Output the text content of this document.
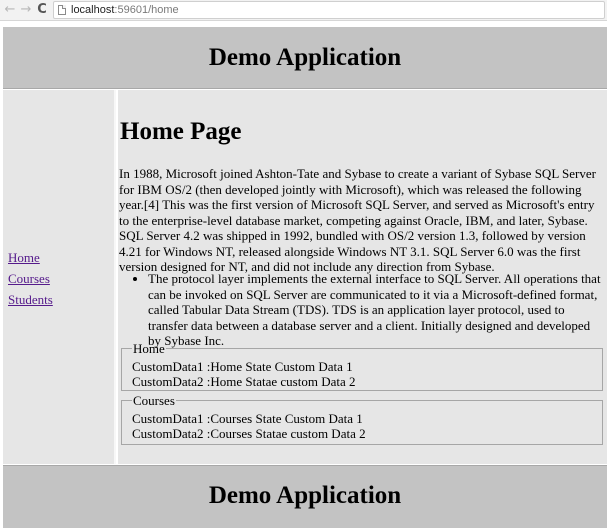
← → C localhost:59601/home
Demo Application
Home
Courses
Students
Home Page

In 1988, Microsoft joined Ashton-Tate and Sybase to create a variant of Sybase SQL Server for IBM OS/2 (then developed jointly with Microsoft), which was released the following year.[4] This was the first version of Microsoft SQL Server, and served as Microsoft's entry to the enterprise-level database market, competing against Oracle, IBM, and later, Sybase. SQL Server 4.2 was shipped in 1992, bundled with OS/2 version 1.3, followed by version 4.21 for Windows NT, released alongside Windows NT 3.1. SQL Server 6.0 was the first version designed for NT, and did not include any direction from Sybase.

• The protocol layer implements the external interface to SQL Server. All operations that can be invoked on SQL Server are communicated to it via a Microsoft-defined format, called Tabular Data Stream (TDS). TDS is an application layer protocol, used to transfer data between a database server and a client. Initially designed and developed by Sybase Inc.
Home
CustomData1 :Home State Custom Data 1
CustomData2 :Home Statae custom Data 2
Courses
CustomData1 :Courses State Custom Data 1
CustomData2 :Courses Statae custom Data 2
Demo Application
